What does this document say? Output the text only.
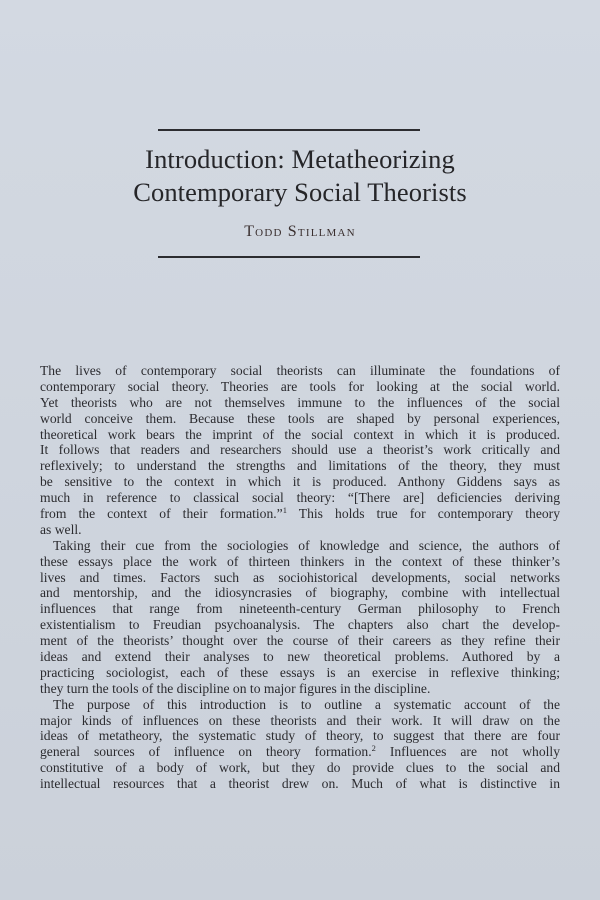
Introduction: Metatheorizing
Contemporary Social Theorists
Todd Stillman
The lives of contemporary social theorists can illuminate the foundations of
contemporary social theory. Theories are tools for looking at the social world.
Yet theorists who are not themselves immune to the influences of the social
world conceive them. Because these tools are shaped by personal experiences,
theoretical work bears the imprint of the social context in which it is produced.
It follows that readers and researchers should use a theorist’s work critically and
reflexively; to understand the strengths and limitations of the theory, they must
be sensitive to the context in which it is produced. Anthony Giddens says as
much in reference to classical social theory: “[There are] deficiencies deriving
from the context of their formation.”$^1$ This holds true for contemporary theory
as well.
Taking their cue from the sociologies of knowledge and science, the authors of
these essays place the work of thirteen thinkers in the context of these thinker’s
lives and times. Factors such as sociohistorical developments, social networks
and mentorship, and the idiosyncrasies of biography, combine with intellectual
influences that range from nineteenth-century German philosophy to French
existentialism to Freudian psychoanalysis. The chapters also chart the develop-
ment of the theorists’ thought over the course of their careers as they refine their
ideas and extend their analyses to new theoretical problems. Authored by a
practicing sociologist, each of these essays is an exercise in reflexive thinking;
they turn the tools of the discipline on to major figures in the discipline.
The purpose of this introduction is to outline a systematic account of the
major kinds of influences on these theorists and their work. It will draw on the
ideas of metatheory, the systematic study of theory, to suggest that there are four
general sources of influence on theory formation.$^2$ Influences are not wholly
constitutive of a body of work, but they do provide clues to the social and
intellectual resources that a theorist drew on. Much of what is distinctive in
